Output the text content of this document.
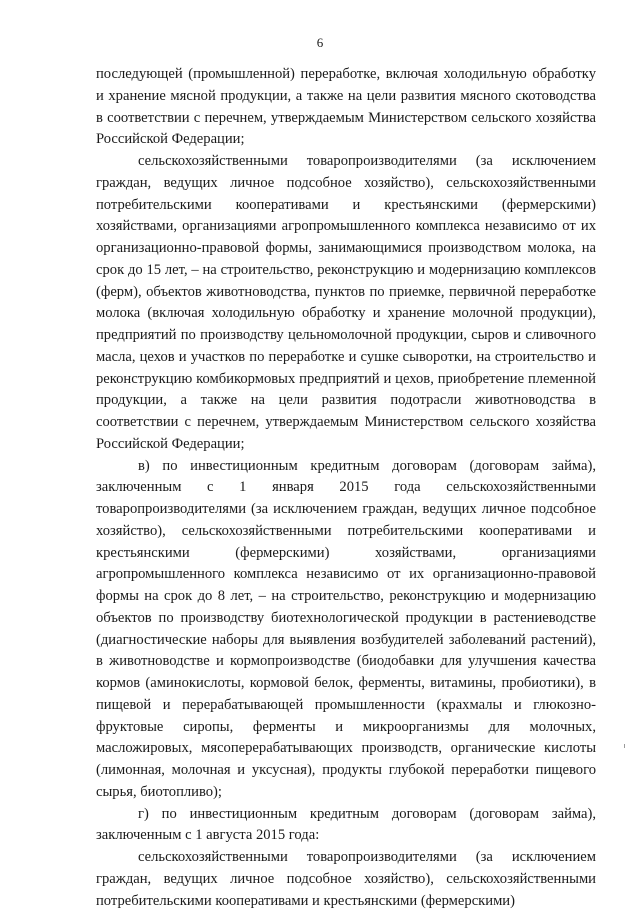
6

последующей (промышленной) переработке, включая холодильную обработку и хранение мясной продукции, а также на цели развития мясного скотоводства в соответствии с перечнем, утверждаемым Министерством сельского хозяйства Российской Федерации;

сельскохозяйственными товаропроизводителями (за исключением граждан, ведущих личное подсобное хозяйство), сельскохозяйственными потребительскими кооперативами и крестьянскими (фермерскими) хозяйствами, организациями агропромышленного комплекса независимо от их организационно-правовой формы, занимающимися производством молока, на срок до 15 лет, – на строительство, реконструкцию и модернизацию комплексов (ферм), объектов животноводства, пунктов по приемке, первичной переработке молока (включая холодильную обработку и хранение молочной продукции), предприятий по производству цельномолочной продукции, сыров и сливочного масла, цехов и участков по переработке и сушке сыворотки, на строительство и реконструкцию комбикормовых предприятий и цехов, приобретение племенной продукции, а также на цели развития подотрасли животноводства в соответствии с перечнем, утверждаемым Министерством сельского хозяйства Российской Федерации;

в) по инвестиционным кредитным договорам (договорам займа), заключенным с 1 января 2015 года сельскохозяйственными товаропроизводителями (за исключением граждан, ведущих личное подсобное хозяйство), сельскохозяйственными потребительскими кооперативами и крестьянскими (фермерскими) хозяйствами, организациями агропромышленного комплекса независимо от их организационно-правовой формы на срок до 8 лет, – на строительство, реконструкцию и модернизацию объектов по производству биотехнологической продукции в растениеводстве (диагностические наборы для выявления возбудителей заболеваний растений), в животноводстве и кормопроизводстве (биодобавки для улучшения качества кормов (аминокислоты, кормовой белок, ферменты, витамины, пробиотики), в пищевой и перерабатывающей промышленности (крахмалы и глюкозно-фруктовые сиропы, ферменты и микроорганизмы для молочных, масложировых, мясоперерабатывающих производств, органические кислоты (лимонная, молочная и уксусная), продукты глубокой переработки пищевого сырья, биотопливо);

г) по инвестиционным кредитным договорам (договорам займа), заключенным с 1 августа 2015 года:

сельскохозяйственными товаропроизводителями (за исключением граждан, ведущих личное подсобное хозяйство), сельскохозяйственными потребительскими кооперативами и крестьянскими (фермерскими)
